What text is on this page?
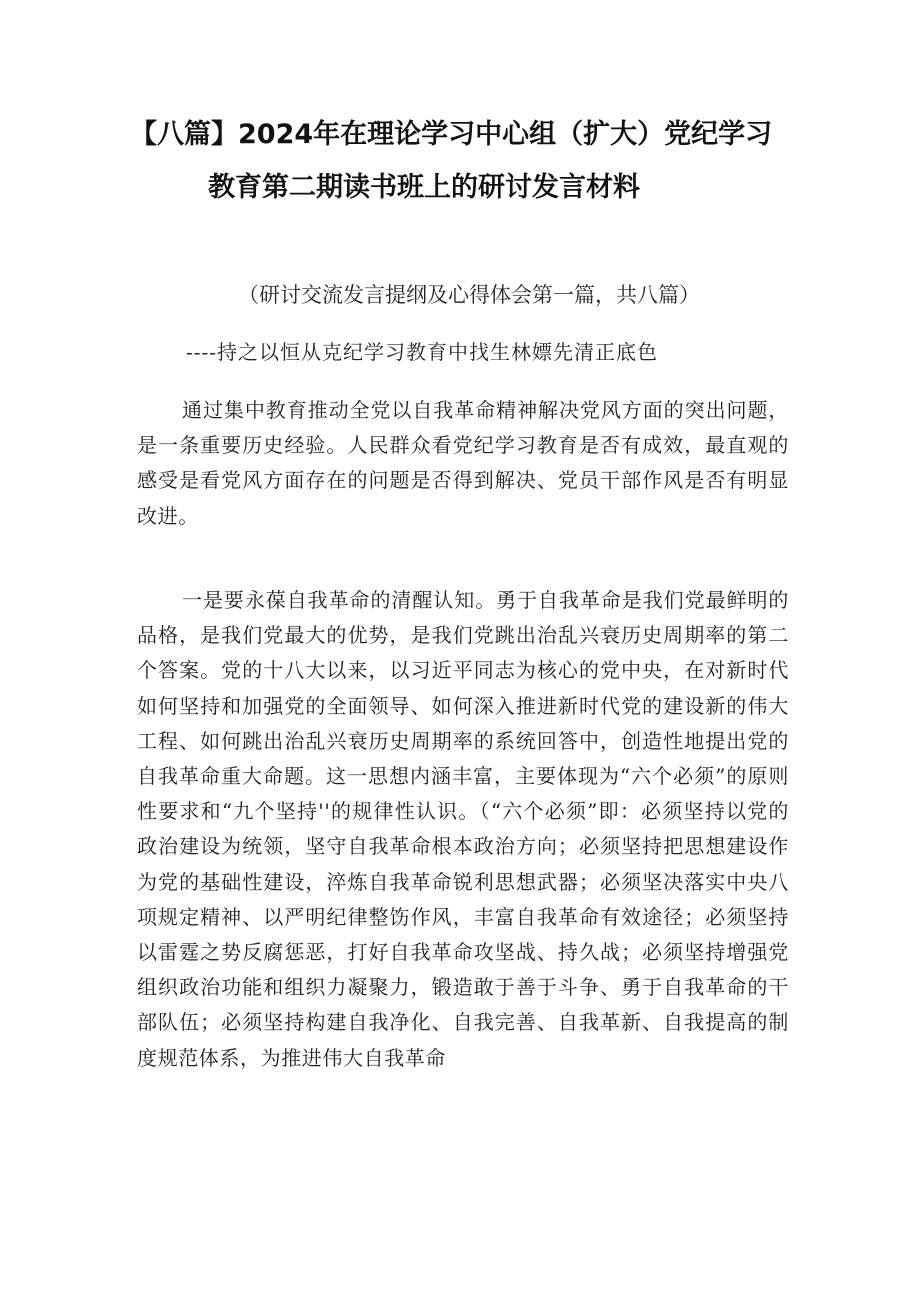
【八篇】2024年在理论学习中心组（扩大）党纪学习
教育第二期读书班上的研讨发言材料
（研讨交流发言提纲及心得体会第一篇，共八篇）
----持之以恒从克纪学习教育中找生林嫖先清正底色

通过集中教育推动全党以自我革命精神解决党风方面的突出问题，是一条重要历史经验。人民群众看党纪学习教育是否有成效，最直观的感受是看党风方面存在的问题是否得到解决、党员干部作风是否有明显改进。

一是要永葆自我革命的清醒认知。勇于自我革命是我们党最鲜明的品格，是我们党最大的优势，是我们党跳出治乱兴衰历史周期率的第二个答案。党的十八大以来，以习近平同志为核心的党中央，在对新时代如何坚持和加强党的全面领导、如何深入推进新时代党的建设新的伟大工程、如何跳出治乱兴衰历史周期率的系统回答中，创造性地提出党的自我革命重大命题。这一思想内涵丰富，主要体现为“六个必须”的原则性要求和“九个坚持''的规律性认识。（“六个必须”即：必须坚持以党的政治建设为统领，坚守自我革命根本政治方向；必须坚持把思想建设作为党的基础性建设，淬炼自我革命锐利思想武器；必须坚决落实中央八项规定精神、以严明纪律整饬作风，丰富自我革命有效途径；必须坚持以雷霆之势反腐惩恶，打好自我革命攻坚战、持久战；必须坚持增强党组织政治功能和组织力凝聚力，锻造敢于善于斗争、勇于自我革命的干部队伍；必须坚持构建自我净化、自我完善、自我革新、自我提高的制度规范体系，为推进伟大自我革命
